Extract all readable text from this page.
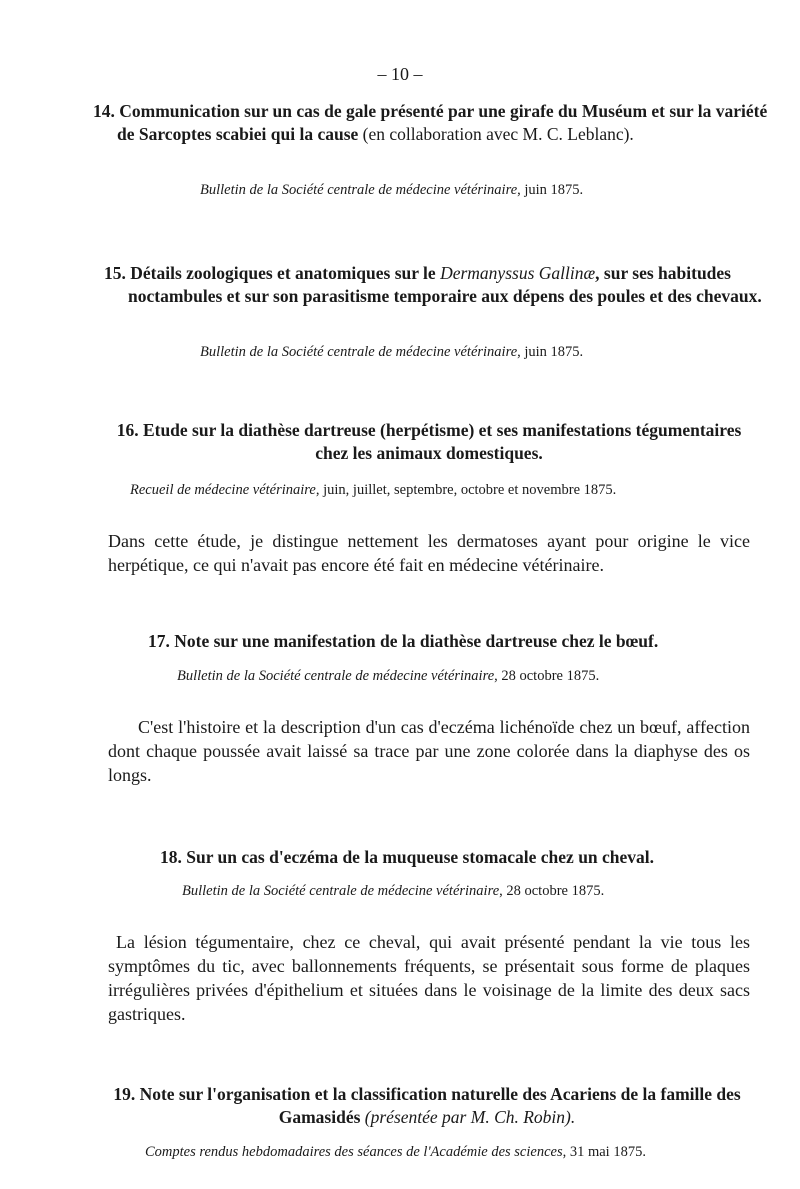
– 10 –
14. Communication sur un cas de gale présenté par une girafe du Muséum et sur la variété de Sarcoptes scabiei qui la cause (en collaboration avec M. C. Leblanc).
Bulletin de la Société centrale de médecine vétérinaire, juin 1875.
15. Détails zoologiques et anatomiques sur le Dermanyssus Gallinæ, sur ses habitudes noctambules et sur son parasitisme temporaire aux dépens des poules et des chevaux.
Bulletin de la Société centrale de médecine vétérinaire, juin 1875.
16. Etude sur la diathèse dartreuse (herpétisme) et ses manifestations tégumentaires chez les animaux domestiques.
Recueil de médecine vétérinaire, juin, juillet, septembre, octobre et novembre 1875.
Dans cette étude, je distingue nettement les dermatoses ayant pour origine le vice herpétique, ce qui n'avait pas encore été fait en médecine vétérinaire.
17. Note sur une manifestation de la diathèse dartreuse chez le bœuf.
Bulletin de la Société centrale de médecine vétérinaire, 28 octobre 1875.
C'est l'histoire et la description d'un cas d'eczéma lichénoïde chez un bœuf, affection dont chaque poussée avait laissé sa trace par une zone colorée dans la diaphyse des os longs.
18. Sur un cas d'eczéma de la muqueuse stomacale chez un cheval.
Bulletin de la Société centrale de médecine vétérinaire, 28 octobre 1875.
La lésion tégumentaire, chez ce cheval, qui avait présenté pendant la vie tous les symptômes du tic, avec ballonnements fréquents, se présentait sous forme de plaques irrégulières privées d'épithelium et situées dans le voisinage de la limite des deux sacs gastriques.
19. Note sur l'organisation et la classification naturelle des Acariens de la famille des Gamasidés (présentée par M. Ch. Robin).
Comptes rendus hebdomadaires des séances de l'Académie des sciences, 31 mai 1875.
